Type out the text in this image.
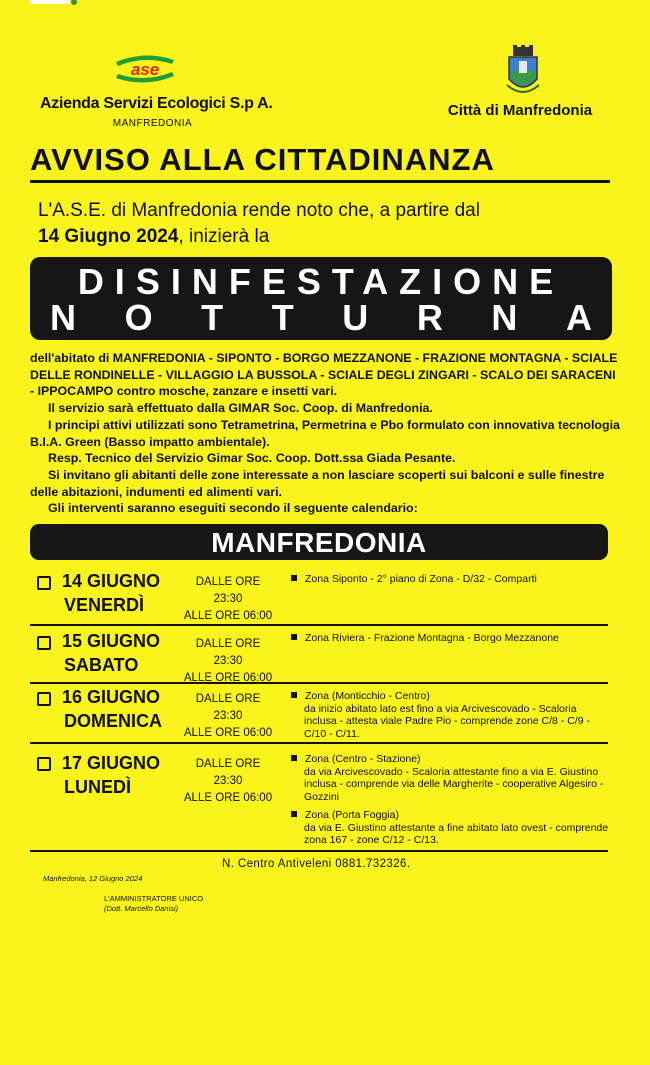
ase
Azienda Servizi Ecologici S.p A.
MANFREDONIA
Città di Manfredonia
AVVISO ALLA CITTADINANZA
L'A.S.E. di Manfredonia rende noto che, a partire dal
14 Giugno 2024, inizierà la
DISINFESTAZIONE
N O T T U R N A

dell'abitato di MANFREDONIA - SIPONTO - BORGO MEZZANONE - FRAZIONE MONTAGNA - SCIALE DELLE RONDINELLE - VILLAGGIO LA BUSSOLA - SCIALE DEGLI ZINGARI - SCALO DEI SARACENI - IPPOCAMPO contro mosche, zanzare e insetti vari.

Il servizio sarà effettuato dalla GIMAR Soc. Coop. di Manfredonia.

I principi attivi utilizzati sono Tetrametrina, Permetrina e Pbo formulato con innovativa tecnologia B.I.A. Green (Basso impatto ambientale).

Resp. Tecnico del Servizio Gimar Soc. Coop. Dott.ssa Giada Pesante.

Si invitano gli abitanti delle zone interessate a non lasciare scoperti sui balconi e sulle finestre delle abitazioni, indumenti ed alimenti vari.

Gli interventi saranno eseguiti secondo il seguente calendario:

MANFREDONIA
14 GIUGNO
VENERDÌ
DALLE ORE 23:30
ALLE ORE 06:00
Zona Siponto - 2° piano di Zona - D/32 - Comparti
15 GIUGNO
SABATO
DALLE ORE 23:30
ALLE ORE 06:00
Zona Riviera - Frazione Montagna - Borgo Mezzanone
16 GIUGNO
DOMENICA
DALLE ORE 23:30
ALLE ORE 06:00
Zona (Monticchio - Centro)
da inizio abitato lato est fino a via Arcivescovado - Scaloria inclusa - attesta viale Padre Pio - comprende zone C/8 - C/9 - C/10 - C/11.
17 GIUGNO
LUNEDÌ
DALLE ORE 23:30
ALLE ORE 06:00
Zona (Centro - Stazione)
da via Arcivescovado - Scaloria attestante fino a via E. Giustino inclusa - comprende via delle Margherite - cooperative Algesiro - Gozzini
Zona (Porta Foggia)
da via E. Giustino attestante a fine abitato lato ovest - comprende zona 167 - zone C/12 - C/13.
N. Centro Antiveleni 0881.732326.
Manfredonia, 12 Giugno 2024
L'AMMINISTRATORE UNICO
(Dott. Marcello Danisi)
